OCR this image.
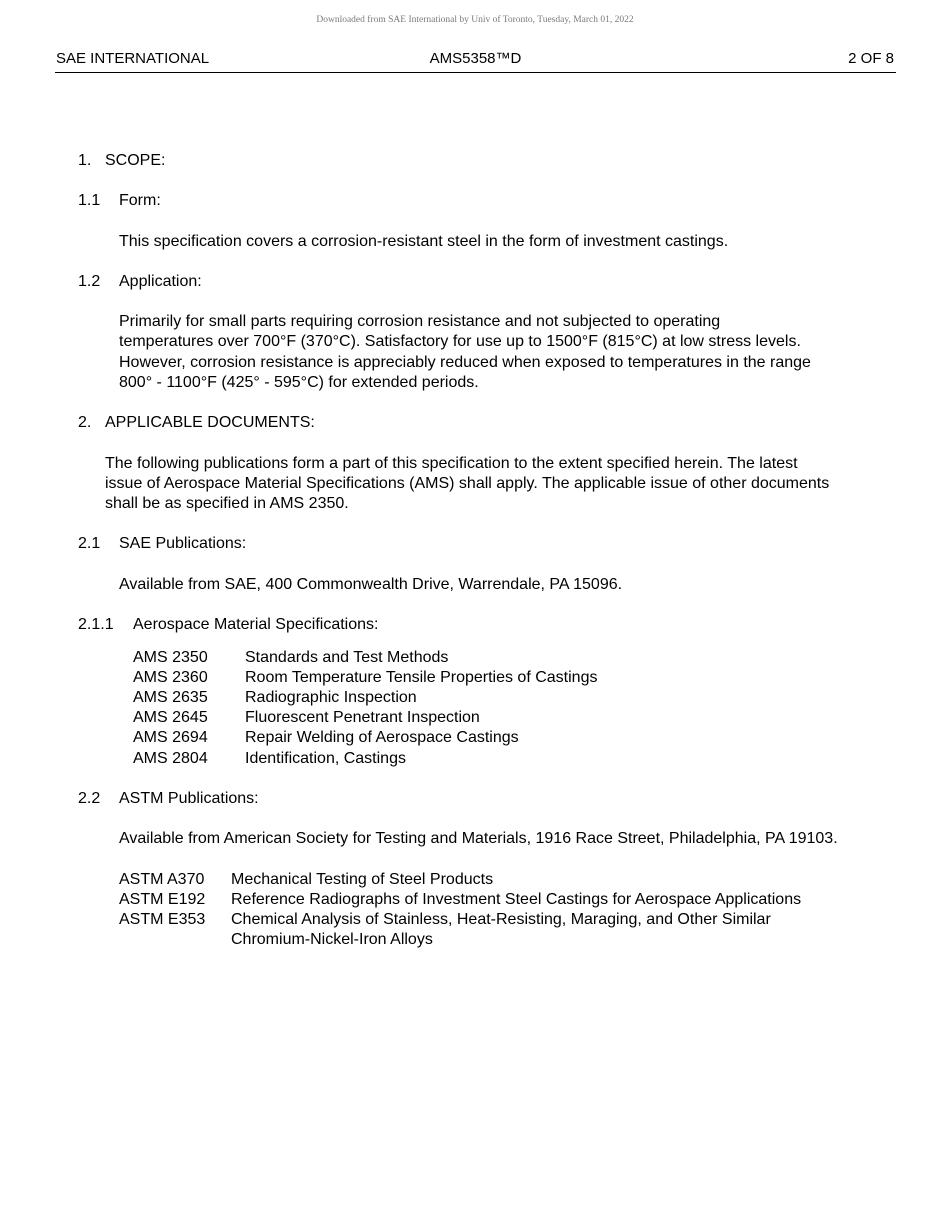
Downloaded from SAE International by Univ of Toronto, Tuesday, March 01, 2022
SAE INTERNATIONAL	AMS5358™D	2 OF 8
1. SCOPE:
1.1 Form:
This specification covers a corrosion-resistant steel in the form of investment castings.
1.2 Application:
Primarily for small parts requiring corrosion resistance and not subjected to operating
temperatures over 700°F (370°C). Satisfactory for use up to 1500°F (815°C) at low stress levels.
However, corrosion resistance is appreciably reduced when exposed to temperatures in the range
800° - 1100°F (425° - 595°C) for extended periods.
2. APPLICABLE DOCUMENTS:
The following publications form a part of this specification to the extent specified herein. The latest
issue of Aerospace Material Specifications (AMS) shall apply. The applicable issue of other documents
shall be as specified in AMS 2350.
2.1 SAE Publications:
Available from SAE, 400 Commonwealth Drive, Warrendale, PA 15096.
2.1.1 Aerospace Material Specifications:
AMS 2350 Standards and Test Methods
AMS 2360 Room Temperature Tensile Properties of Castings
AMS 2635 Radiographic Inspection
AMS 2645 Fluorescent Penetrant Inspection
AMS 2694 Repair Welding of Aerospace Castings
AMS 2804 Identification, Castings
2.2 ASTM Publications:
Available from American Society for Testing and Materials, 1916 Race Street, Philadelphia, PA 19103.
ASTM A370 Mechanical Testing of Steel Products
ASTM E192 Reference Radiographs of Investment Steel Castings for Aerospace Applications
ASTM E353 Chemical Analysis of Stainless, Heat-Resisting, Maraging, and Other Similar
Chromium-Nickel-Iron Alloys
